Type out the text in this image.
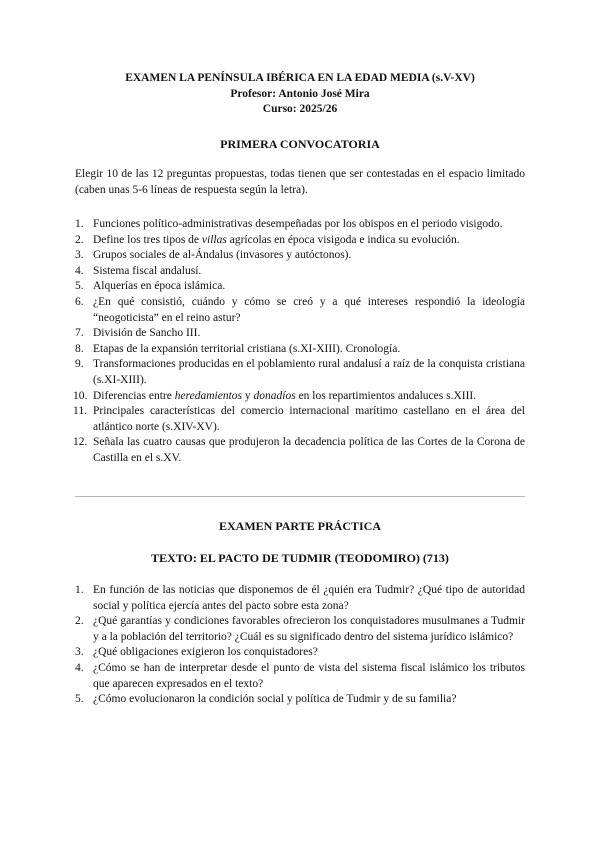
EXAMEN LA PENÍNSULA IBÉRICA EN LA EDAD MEDIA (s.V-XV)
Profesor: Antonio José Mira
Curso: 2025/26
PRIMERA CONVOCATORIA

Elegir 10 de las 12 preguntas propuestas, todas tienen que ser contestadas en el espacio limitado (caben unas 5-6 líneas de respuesta según la letra).

1. Funciones político-administrativas desempeñadas por los obispos en el periodo visigodo.
2. Define los tres tipos de villas agrícolas en época visigoda e indica su evolución.
3. Grupos sociales de al-Ándalus (invasores y autóctonos).
4. Sistema fiscal andalusí.
5. Alquerías en época islámica.
6. ¿En qué consistió, cuándo y cómo se creó y a qué intereses respondió la ideología “neogoticista” en el reino astur?
7. División de Sancho III.
8. Etapas de la expansión territorial cristiana (s.XI-XIII). Cronología.
9. Transformaciones producidas en el poblamiento rural andalusí a raíz de la conquista cristiana (s.XI-XIII).
10. Diferencias entre heredamientos y donadíos en los repartimientos andaluces s.XIII.
11. Principales características del comercio internacional marítimo castellano en el área del atlántico norte (s.XIV-XV).
12. Señala las cuatro causas que produjeron la decadencia política de las Cortes de la Corona de Castilla en el s.XV.
EXAMEN PARTE PRÁCTICA
TEXTO: EL PACTO DE TUDMIR (TEODOMIRO) (713)
1. En función de las noticias que disponemos de él ¿quién era Tudmir? ¿Qué tipo de autoridad social y política ejercía antes del pacto sobre esta zona?
2. ¿Qué garantías y condiciones favorables ofrecieron los conquistadores musulmanes a Tudmir y a la población del territorio? ¿Cuál es su significado dentro del sistema jurídico islámico?
3. ¿Qué obligaciones exigieron los conquistadores?
4. ¿Cómo se han de interpretar desde el punto de vista del sistema fiscal islámico los tributos que aparecen expresados en el texto?
5. ¿Cómo evolucionaron la condición social y política de Tudmir y de su familia?
